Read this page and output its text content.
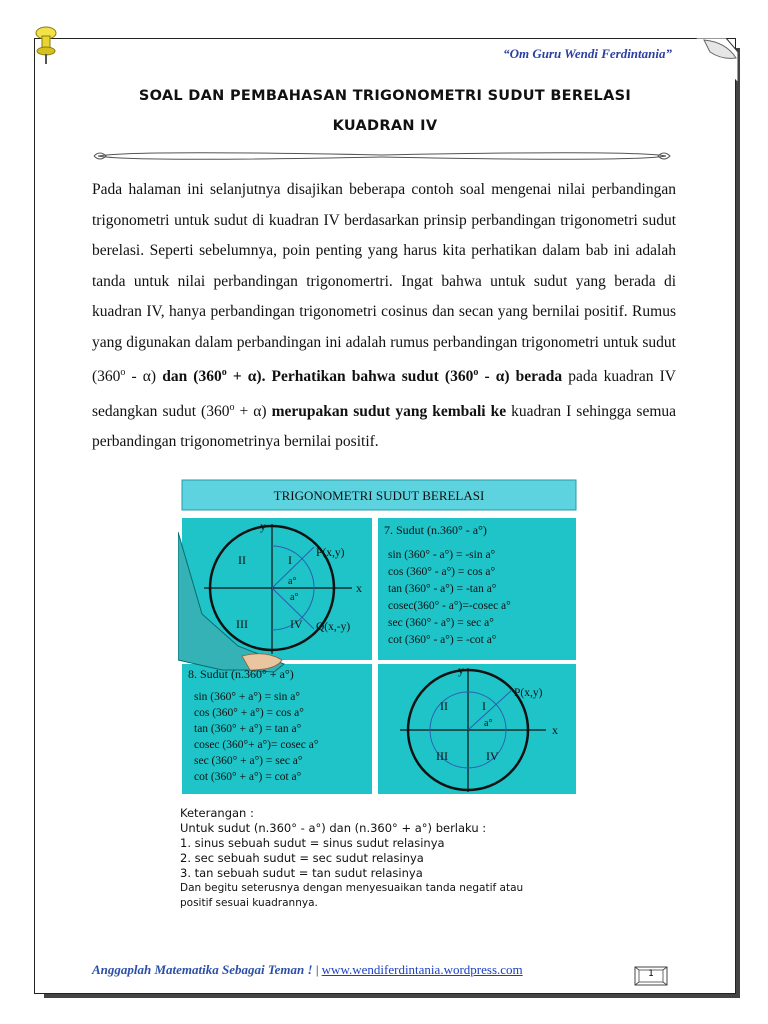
“Om Guru Wendi Ferdintania”
SOAL DAN PEMBAHASAN TRIGONOMETRI SUDUT BERELASI
KUADRAN IV

Pada halaman ini selanjutnya disajikan beberapa contoh soal mengenai nilai perbandingan trigonometri untuk sudut di kuadran IV berdasarkan prinsip perbandingan trigonometri sudut berelasi. Seperti sebelumnya, poin penting yang harus kita perhatikan dalam bab ini adalah tanda untuk nilai perbandingan trigonomertri. Ingat bahwa untuk sudut yang berada di kuadran IV, hanya perbandingan trigonometri cosinus dan secan yang bernilai positif. Rumus yang digunakan dalam perbandingan ini adalah rumus perbandingan trigonometri untuk sudut (360$^o$ - α) dan $(360^o + \alpha)$. Perhatikan bahwa sudut (360$^o$ - α) berada pada kuadran IV sedangkan sudut $(360^o + \alpha)$ merupakan sudut yang kembali ke kuadran I sehingga semua perbandingan trigonometrinya bernilai positif.

TRIGONOMETRI SUDUT BERELASI
y
x
II	I
III	IV
P(x,y)
Q(x,-y)
a°
a°
7. Sudut (n.360° - a°)
sin (360° - a°) = -sin a°
cos (360° - a°) = cos a°
tan (360° - a°) = -tan a°
cosec(360° - a°)=-cosec a°
sec (360° - a°) = sec a°
cot (360° - a°) = -cot a°
8. Sudut (n.360° + a°)
sin (360° + a°) = sin a°
cos (360° + a°) = cos a°
tan (360° + a°) = tan a°
cosec (360°+ a°)= cosec a°
sec (360° + a°) = sec a°
cot (360° + a°) = cot a°
y
x
II	I
III	IV
P(x,y)
a°
Keterangan :
Untuk sudut (n.360° - a°) dan (n.360° + a°) berlaku :
1. sinus sebuah sudut = sinus sudut relasinya
2. sec sebuah sudut = sec sudut relasinya
3. tan sebuah sudut = tan sudut relasinya
Dan begitu seterusnya dengan menyesuaikan tanda negatif atau
positif sesuai kuadrannya.
Anggaplah Matematika Sebagai Teman ! | www.wendiferdintania.wordpress.com	1
